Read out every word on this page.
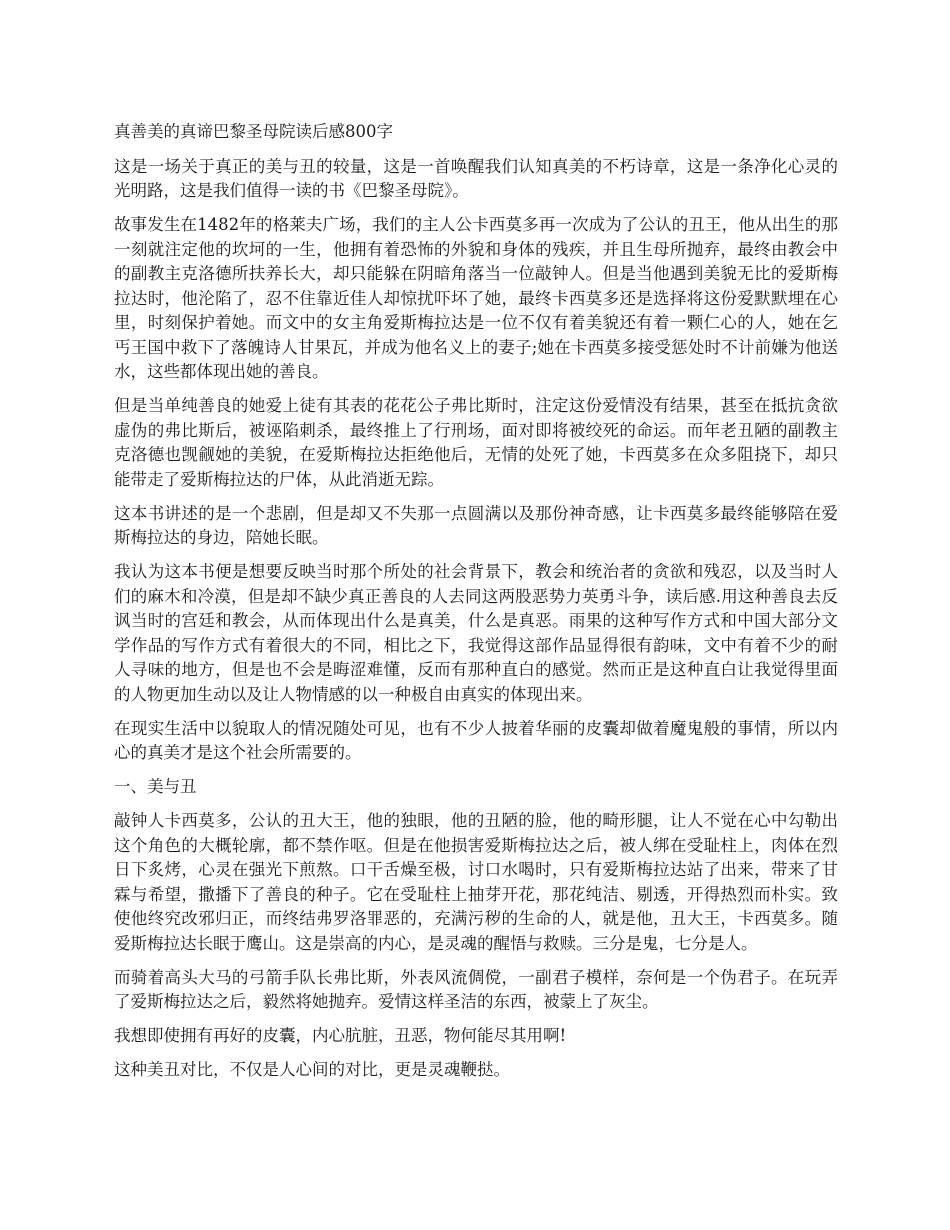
真善美的真谛巴黎圣母院读后感800字

这是一场关于真正的美与丑的较量，这是一首唤醒我们认知真美的不朽诗章，这是一条净化心灵的光明路，这是我们值得一读的书《巴黎圣母院》。

故事发生在1482年的格莱夫广场，我们的主人公卡西莫多再一次成为了公认的丑王，他从出生的那一刻就注定他的坎坷的一生，他拥有着恐怖的外貌和身体的残疾，并且生母所抛弃，最终由教会中的副教主克洛德所扶养长大，却只能躲在阴暗角落当一位敲钟人。但是当他遇到美貌无比的爱斯梅拉达时，他沦陷了，忍不住靠近佳人却惊扰吓坏了她，最终卡西莫多还是选择将这份爱默默埋在心里，时刻保护着她。而文中的女主角爱斯梅拉达是一位不仅有着美貌还有着一颗仁心的人，她在乞丐王国中救下了落魄诗人甘果瓦，并成为他名义上的妻子;她在卡西莫多接受惩处时不计前嫌为他送水，这些都体现出她的善良。

但是当单纯善良的她爱上徒有其表的花花公子弗比斯时，注定这份爱情没有结果，甚至在抵抗贪欲虚伪的弗比斯后，被诬陷刺杀，最终推上了行刑场，面对即将被绞死的命运。而年老丑陋的副教主克洛德也觊觎她的美貌，在爱斯梅拉达拒绝他后，无情的处死了她，卡西莫多在众多阻挠下，却只能带走了爱斯梅拉达的尸体，从此消逝无踪。

这本书讲述的是一个悲剧，但是却又不失那一点圆满以及那份神奇感，让卡西莫多最终能够陪在爱斯梅拉达的身边，陪她长眠。

我认为这本书便是想要反映当时那个所处的社会背景下，教会和统治者的贪欲和残忍，以及当时人们的麻木和冷漠，但是却不缺少真正善良的人去同这两股恶势力英勇斗争，读后感.用这种善良去反讽当时的宫廷和教会，从而体现出什么是真美，什么是真恶。雨果的这种写作方式和中国大部分文学作品的写作方式有着很大的不同，相比之下，我觉得这部作品显得很有韵味，文中有着不少的耐人寻味的地方，但是也不会是晦涩难懂，反而有那种直白的感觉。然而正是这种直白让我觉得里面的人物更加生动以及让人物情感的以一种极自由真实的体现出来。

在现实生活中以貌取人的情况随处可见，也有不少人披着华丽的皮囊却做着魔鬼般的事情，所以内心的真美才是这个社会所需要的。

一、美与丑

敲钟人卡西莫多，公认的丑大王，他的独眼，他的丑陋的脸，他的畸形腿，让人不觉在心中勾勒出这个角色的大概轮廓，都不禁作呕。但是在他损害爱斯梅拉达之后，被人绑在受耻柱上，肉体在烈日下炙烤，心灵在强光下煎熬。口干舌燥至极，讨口水喝时，只有爱斯梅拉达站了出来，带来了甘霖与希望，撒播下了善良的种子。它在受耻柱上抽芽开花，那花纯洁、剔透，开得热烈而朴实。致使他终究改邪归正，而终结弗罗洛罪恶的，充满污秽的生命的人，就是他，丑大王，卡西莫多。随爱斯梅拉达长眠于鹰山。这是崇高的内心，是灵魂的醒悟与救赎。三分是鬼，七分是人。

而骑着高头大马的弓箭手队长弗比斯，外表风流倜傥，一副君子模样，奈何是一个伪君子。在玩弄了爱斯梅拉达之后，毅然将她抛弃。爱情这样圣洁的东西，被蒙上了灰尘。

我想即使拥有再好的皮囊，内心肮脏，丑恶，物何能尽其用啊!

这种美丑对比，不仅是人心间的对比，更是灵魂鞭挞。
